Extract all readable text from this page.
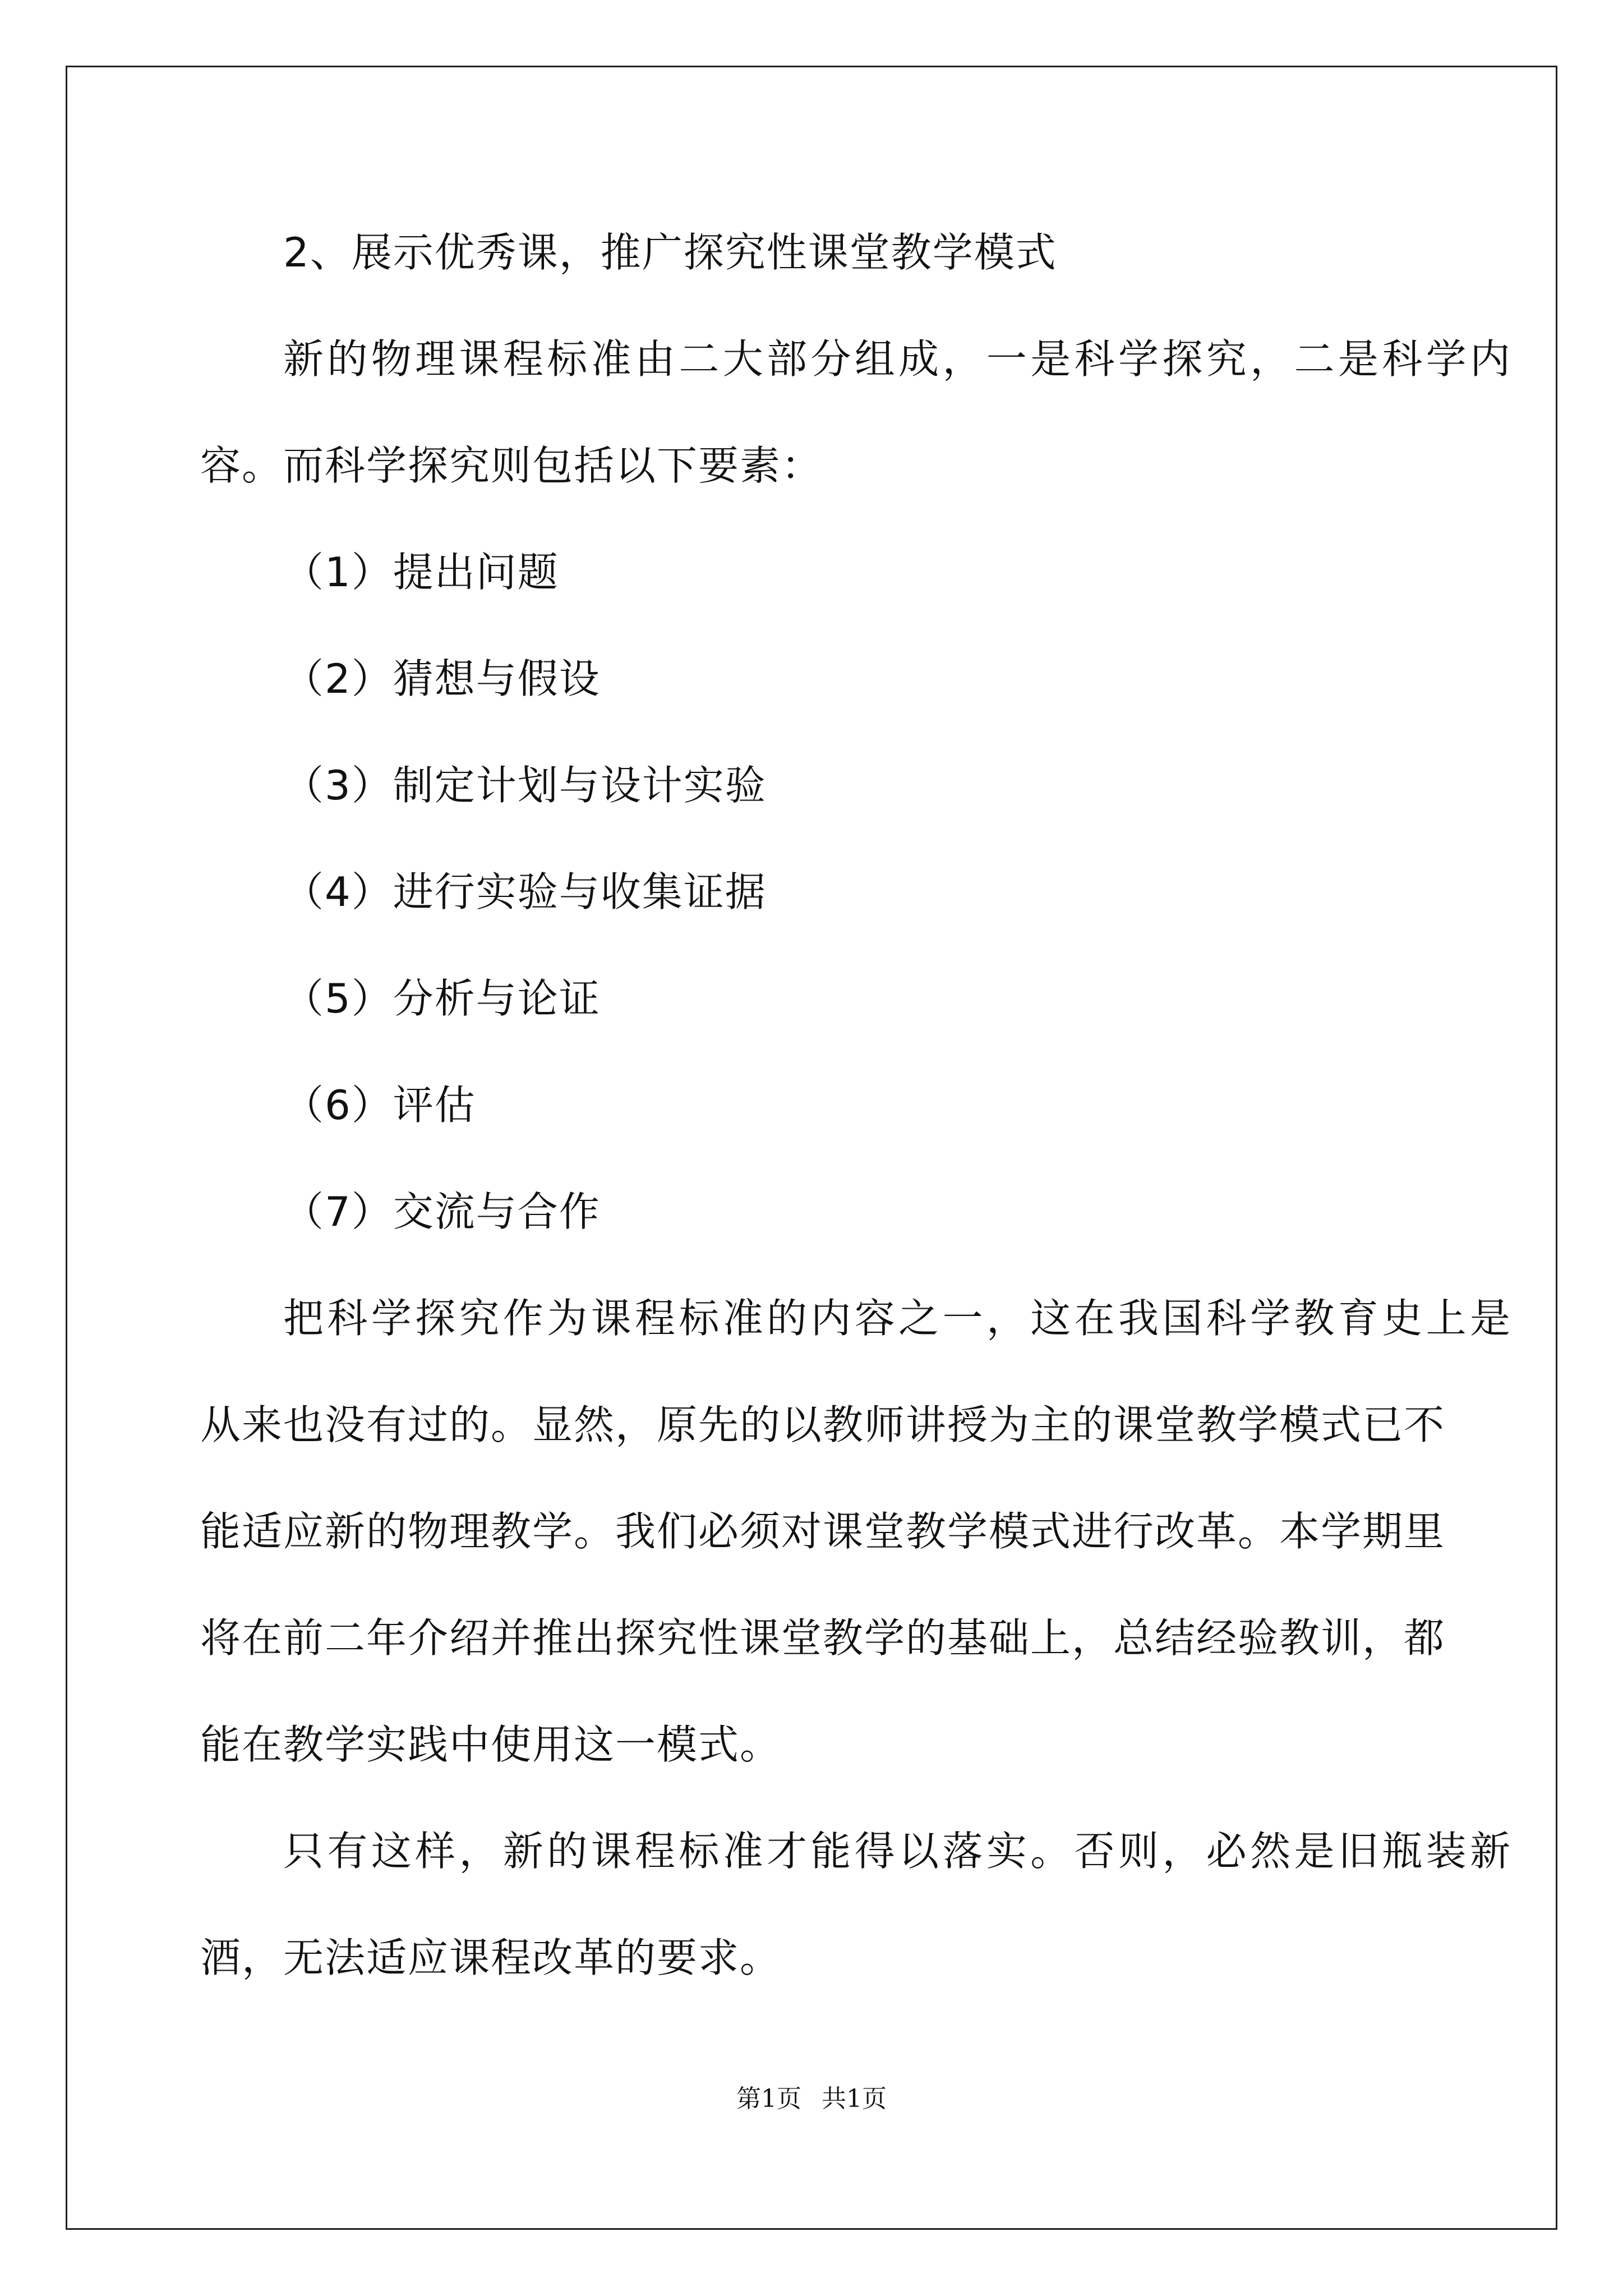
2、展示优秀课，推广探究性课堂教学模式
新的物理课程标准由二大部分组成，一是科学探究，二是科学内
容。而科学探究则包括以下要素：
（1）提出问题
（2）猜想与假设
（3）制定计划与设计实验
（4）进行实验与收集证据
（5）分析与论证
（6）评估
（7）交流与合作
把科学探究作为课程标准的内容之一，这在我国科学教育史上是
从来也没有过的。显然，原先的以教师讲授为主的课堂教学模式已不
能适应新的物理教学。我们必须对课堂教学模式进行改革。本学期里
将在前二年介绍并推出探究性课堂教学的基础上，总结经验教训，都
能在教学实践中使用这一模式。
只有这样，新的课程标准才能得以落实。否则，必然是旧瓶装新
酒，无法适应课程改革的要求。
第1页 共1页
